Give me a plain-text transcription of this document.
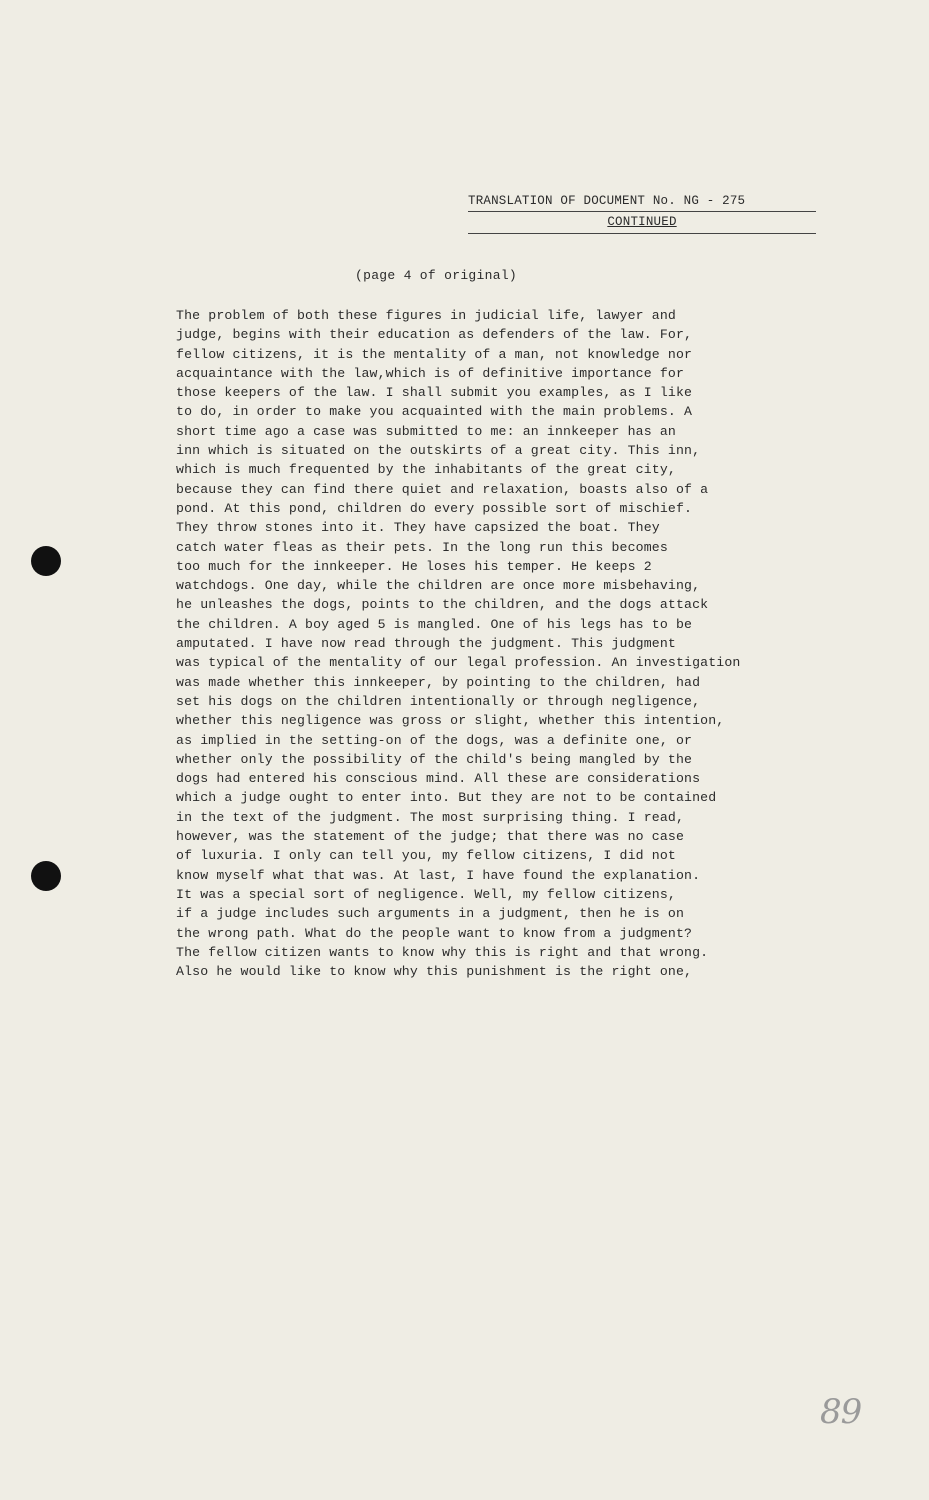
TRANSLATION OF DOCUMENT No. NG - 275
CONTINUED
(page 4 of original)
The problem of both these figures in judicial life, lawyer and
judge, begins with their education as defenders of the law. For,
fellow citizens, it is the mentality of a man, not knowledge nor
acquaintance with the law,which is of definitive importance for
those keepers of the law. I shall submit you examples, as I like
to do, in order to make you acquainted with the main problems. A
short time ago a case was submitted to me: an innkeeper has an
inn which is situated on the outskirts of a great city. This inn,
which is much frequented by the inhabitants of the great city,
because they can find there quiet and relaxation, boasts also of a
pond. At this pond, children do every possible sort of mischief.
They throw stones into it. They have capsized the boat. They
catch water fleas as their pets. In the long run this becomes
too much for the innkeeper. He loses his temper. He keeps 2
watchdogs. One day, while the children are once more misbehaving,
he unleashes the dogs, points to the children, and the dogs attack
the children. A boy aged 5 is mangled. One of his legs has to be
amputated. I have now read through the judgment. This judgment
was typical of the mentality of our legal profession. An investigation
was made whether this innkeeper, by pointing to the children, had
set his dogs on the children intentionally or through negligence,
whether this negligence was gross or slight, whether this intention,
as implied in the setting-on of the dogs, was a definite one, or
whether only the possibility of the child's being mangled by the
dogs had entered his conscious mind. All these are considerations
which a judge ought to enter into. But they are not to be contained
in the text of the judgment. The most surprising thing. I read,
however, was the statement of the judge; that there was no case
of luxuria. I only can tell you, my fellow citizens, I did not
know myself what that was. At last, I have found the explanation.
It was a special sort of negligence. Well, my fellow citizens,
if a judge includes such arguments in a judgment, then he is on
the wrong path. What do the people want to know from a judgment?
The fellow citizen wants to know why this is right and that wrong.
Also he would like to know why this punishment is the right one,
89
